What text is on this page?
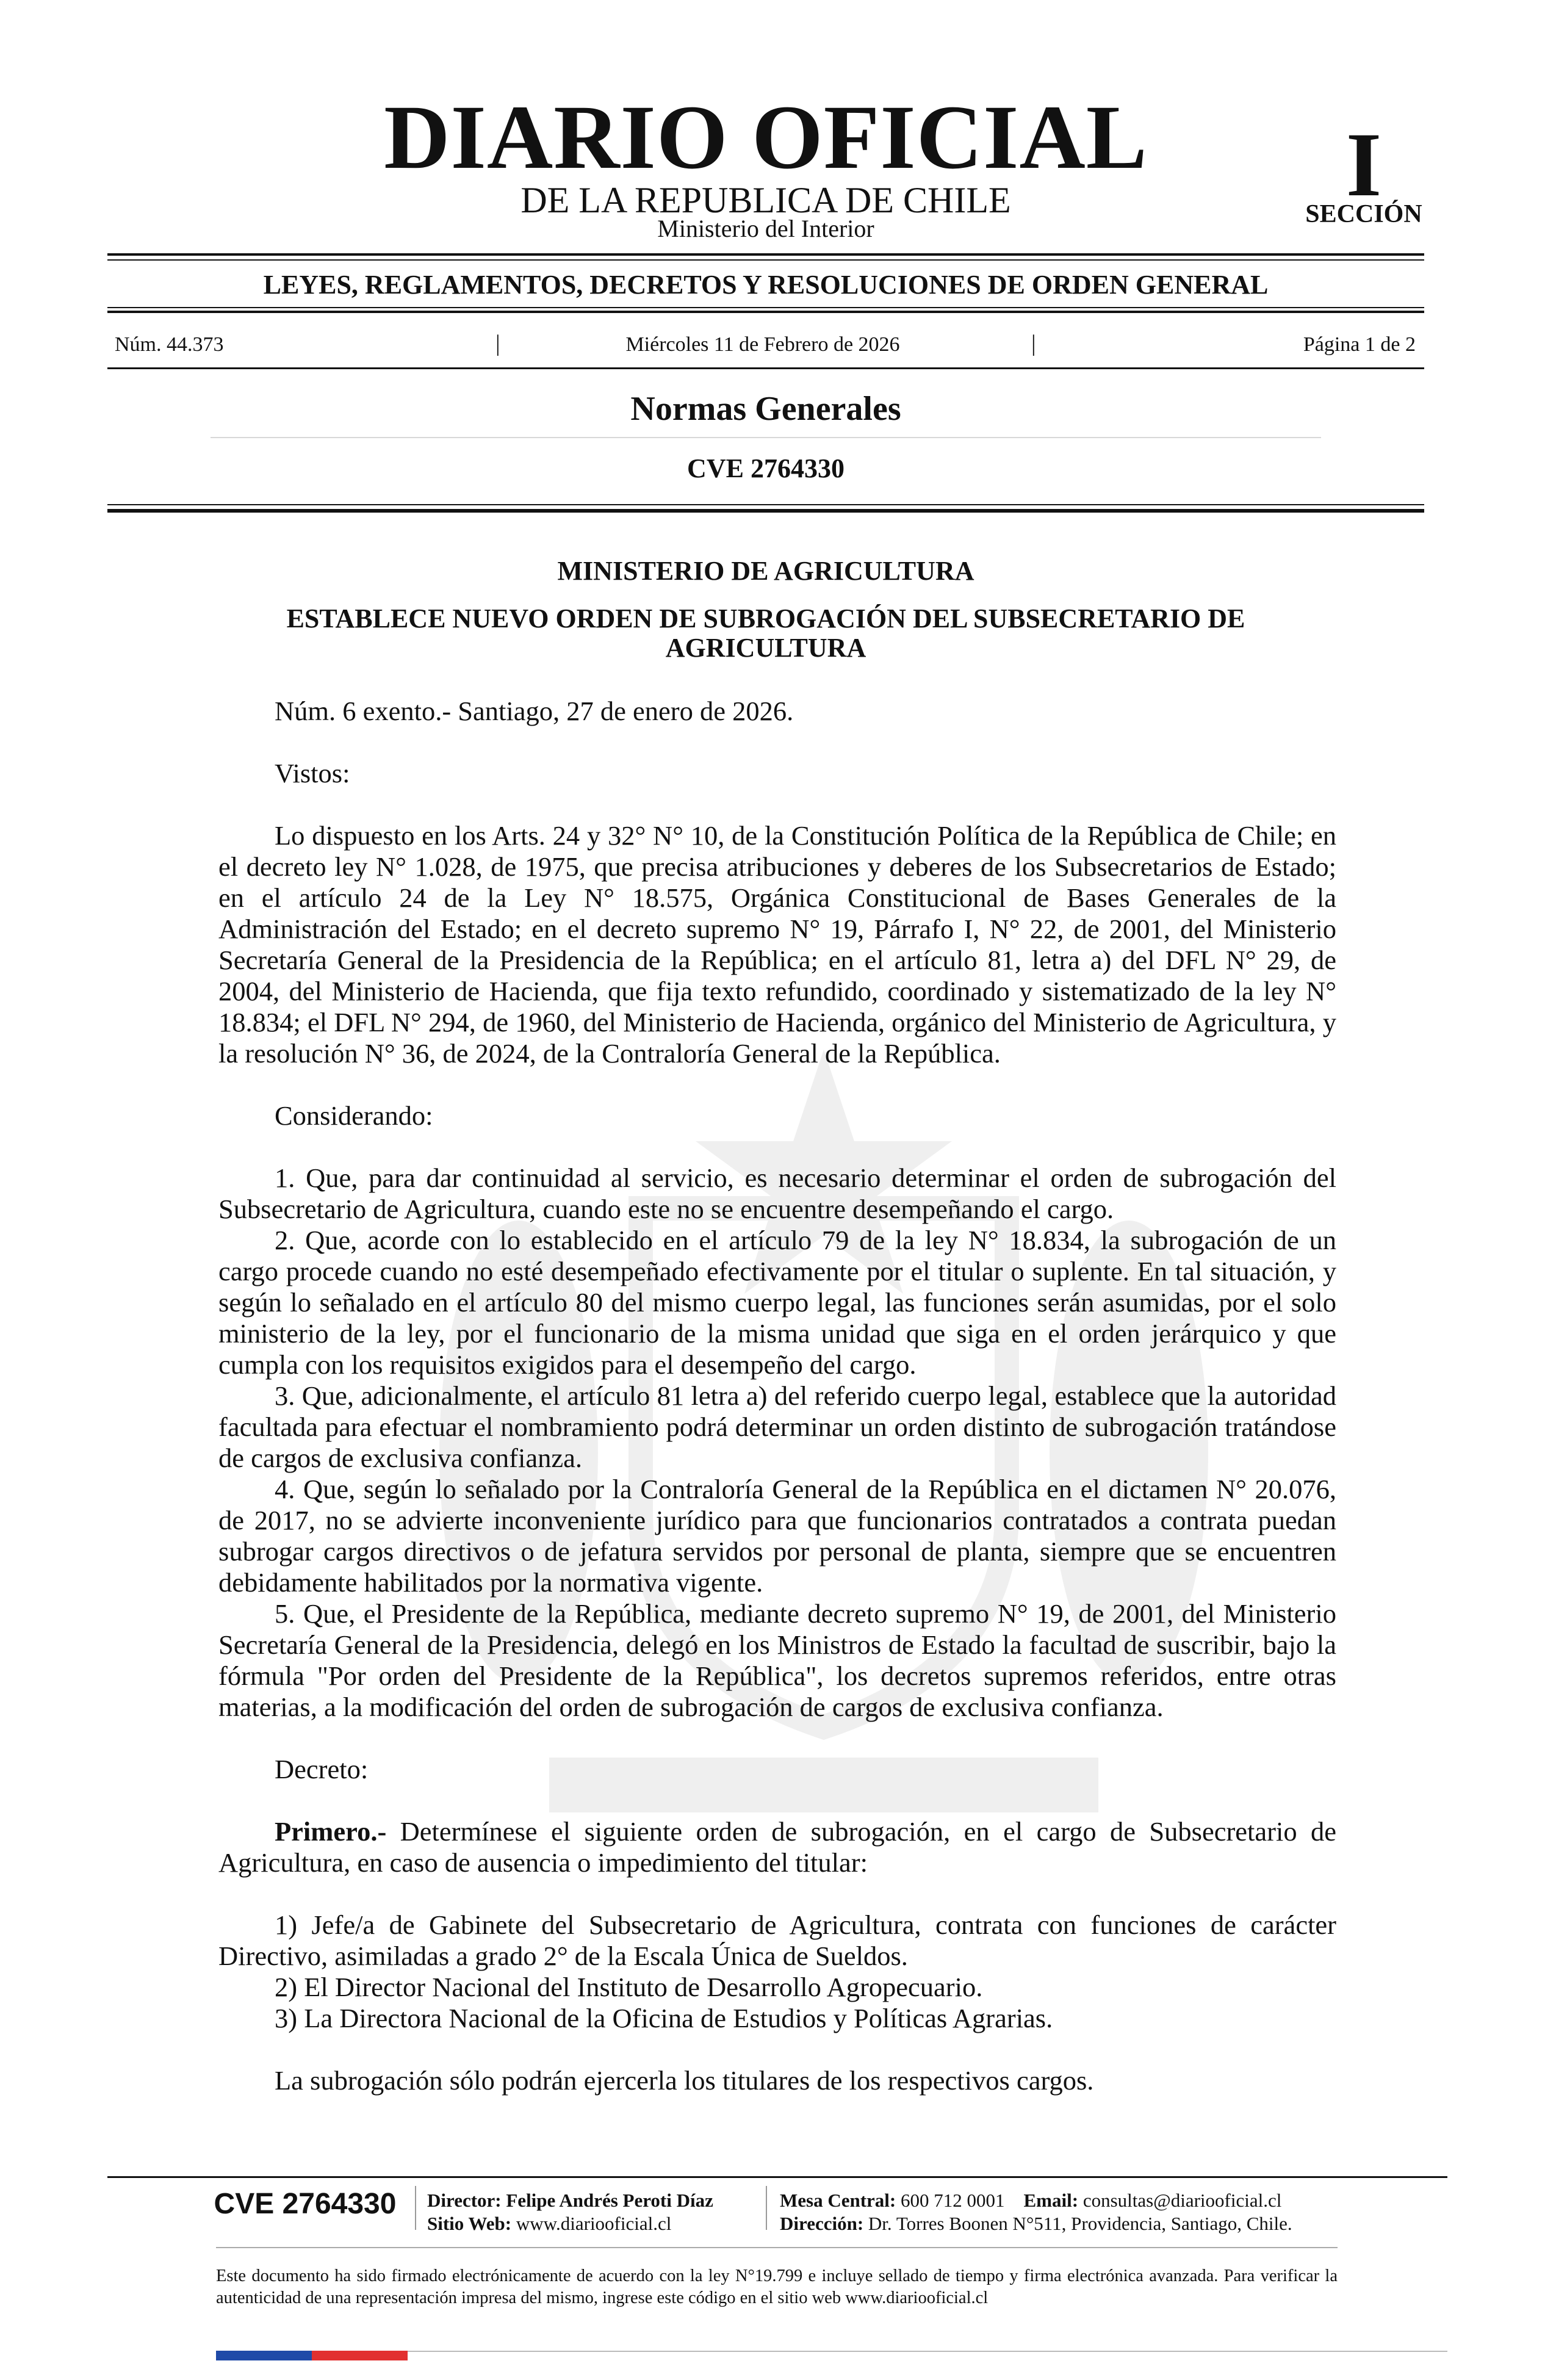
DIARIO OFICIAL
DE LA REPUBLICA DE CHILE
Ministerio del Interior
I
SECCIÓN
LEYES, REGLAMENTOS, DECRETOS Y RESOLUCIONES DE ORDEN GENERAL
Núm. 44.373	|	Miércoles 11 de Febrero de 2026	|	Página 1 de 2
Normas Generales
CVE 2764330
MINISTERIO DE AGRICULTURA
ESTABLECE NUEVO ORDEN DE SUBROGACIÓN DEL SUBSECRETARIO DE AGRICULTURA

Núm. 6 exento.- Santiago, 27 de enero de 2026.

Vistos:

Lo dispuesto en los Arts. 24 y 32° N° 10, de la Constitución Política de la República de Chile; en el decreto ley N° 1.028, de 1975, que precisa atribuciones y deberes de los Subsecretarios de Estado; en el artículo 24 de la Ley N° 18.575, Orgánica Constitucional de Bases Generales de la Administración del Estado; en el decreto supremo N° 19, Párrafo I, N° 22, de 2001, del Ministerio Secretaría General de la Presidencia de la República; en el artículo 81, letra a) del DFL N° 29, de 2004, del Ministerio de Hacienda, que fija texto refundido, coordinado y sistematizado de la ley N° 18.834; el DFL N° 294, de 1960, del Ministerio de Hacienda, orgánico del Ministerio de Agricultura, y la resolución N° 36, de 2024, de la Contraloría General de la República.

Considerando:

1. Que, para dar continuidad al servicio, es necesario determinar el orden de subrogación del Subsecretario de Agricultura, cuando este no se encuentre desempeñando el cargo.

2. Que, acorde con lo establecido en el artículo 79 de la ley N° 18.834, la subrogación de un cargo procede cuando no esté desempeñado efectivamente por el titular o suplente. En tal situación, y según lo señalado en el artículo 80 del mismo cuerpo legal, las funciones serán asumidas, por el solo ministerio de la ley, por el funcionario de la misma unidad que siga en el orden jerárquico y que cumpla con los requisitos exigidos para el desempeño del cargo.

3. Que, adicionalmente, el artículo 81 letra a) del referido cuerpo legal, establece que la autoridad facultada para efectuar el nombramiento podrá determinar un orden distinto de subrogación tratándose de cargos de exclusiva confianza.

4. Que, según lo señalado por la Contraloría General de la República en el dictamen N° 20.076, de 2017, no se advierte inconveniente jurídico para que funcionarios contratados a contrata puedan subrogar cargos directivos o de jefatura servidos por personal de planta, siempre que se encuentren debidamente habilitados por la normativa vigente.

5. Que, el Presidente de la República, mediante decreto supremo N° 19, de 2001, del Ministerio Secretaría General de la Presidencia, delegó en los Ministros de Estado la facultad de suscribir, bajo la fórmula "Por orden del Presidente de la República", los decretos supremos referidos, entre otras materias, a la modificación del orden de subrogación de cargos de exclusiva confianza.

Decreto:

Primero.- Determínese el siguiente orden de subrogación, en el cargo de Subsecretario de Agricultura, en caso de ausencia o impedimiento del titular:

1) Jefe/a de Gabinete del Subsecretario de Agricultura, contrata con funciones de carácter Directivo, asimiladas a grado 2° de la Escala Única de Sueldos.

2) El Director Nacional del Instituto de Desarrollo Agropecuario.

3) La Directora Nacional de la Oficina de Estudios y Políticas Agrarias.

La subrogación sólo podrán ejercerla los titulares de los respectivos cargos.

CVE 2764330	Director: Felipe Andrés Peroti Díaz
Sitio Web: www.diariooficial.cl
Mesa Central: 600 712 0001 Email: consultas@diariooficial.cl
Dirección: Dr. Torres Boonen N°511, Providencia, Santiago, Chile.
Este documento ha sido firmado electrónicamente de acuerdo con la ley N°19.799 e incluye sellado de tiempo y firma electrónica avanzada. Para verificar la autenticidad de una representación impresa del mismo, ingrese este código en el sitio web www.diariooficial.cl
